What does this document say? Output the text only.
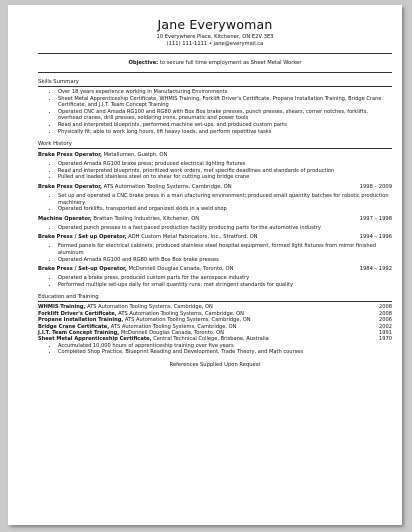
Jane Everywoman
10 Everywhere Place, Kitchener, ON E2V 3E3
(111) 111-1111 • jane@everymail.ca
Objective: to secure full time employment as Sheet Metal Worker
Skills Summary
• Over 18 years experience working in Manufacturing Environments
• Sheet Metal Apprenticeship Certificate, WHMIS Training, Forklift Driver's Certificate, Propane Installation Training, Bridge Crane Certificate, and J.I.T. Team Concept Training
• Operated CNC and Amada RG100 and RG80 with Box Box brake presses, punch presses, shears, corner notches, forklifts, overhead cranes, drill presses, soldering irons, pneumatic and power tools
• Read and interpreted blueprints, performed machine set-ups, and produced custom parts
• Physically fit; able to work long hours, lift heavy loads, and perform repetitive tasks
Work History
Brake Press Operator, Metallumen, Guelph, ON
• Operated Amada RG100 brake press; produced electrical lighting fixtures
• Read and interpreted blueprints, prioritized work orders, met specific deadlines and standards of production
• Pulled and loaded stainless steel on to shear for cutting using bridge crane
Brake Press Operator, ATS Automation Tooling Systems, Cambridge, ON	1998 – 2009
• Set up and operated a CNC brake press in a man ufacturing environment; produced small quantity batches for robotic production machinery
• Operated forklifts, transported and organized skids in a weld shop
Machine Operator, Brattan Tooling Industries, Kitchener, ON	1997 – 1998
• Operated punch presses in a fast paced production facility producing parts for the automotive industry
Brake Press / Set up Operator, ADH Custom Metal Fabricators, Inc., Stratford, ON	1994 – 1996
• Formed panels for electrical cabinets, produced stainless steel hospital equipment, formed light fixtures from mirror finished aluminum
• Operated Amada RG100 and RG80 with Box Box brake presses
Brake Press / Set-up Operator, McDonnell Douglas Canada, Toronto, ON	1984 – 1992
• Operated a brake press, produced custom parts for the aerospace industry
• Performed multiple set-ups daily for small quantity runs; met stringent standards for quality
Education and Training
WHMIS Training, ATS Automation Tooling Systems, Cambridge, ON	2008
Forklift Driver's Certificate, ATS Automation Tooling Systems, Cambridge, ON	2008
Propane Installation Training, ATS Automation Tooling Systems, Cambridge, ON	2006
Bridge Crane Certificate, ATS Automation Tooling Systems, Cambridge, ON	2002
J.I.T. Team Concept Training, McDonnell Douglas Canada, Toronto, ON	1991
Sheet Metal Apprenticeship Certificate, Central Technical College, Brisbane, Australia	1970
• Accumulated 10,000 hours of apprenticeship training over five years
• Completed Shop Practice, Blueprint Reading and Development, Trade Theory, and Math courses
References Supplied Upon Request
